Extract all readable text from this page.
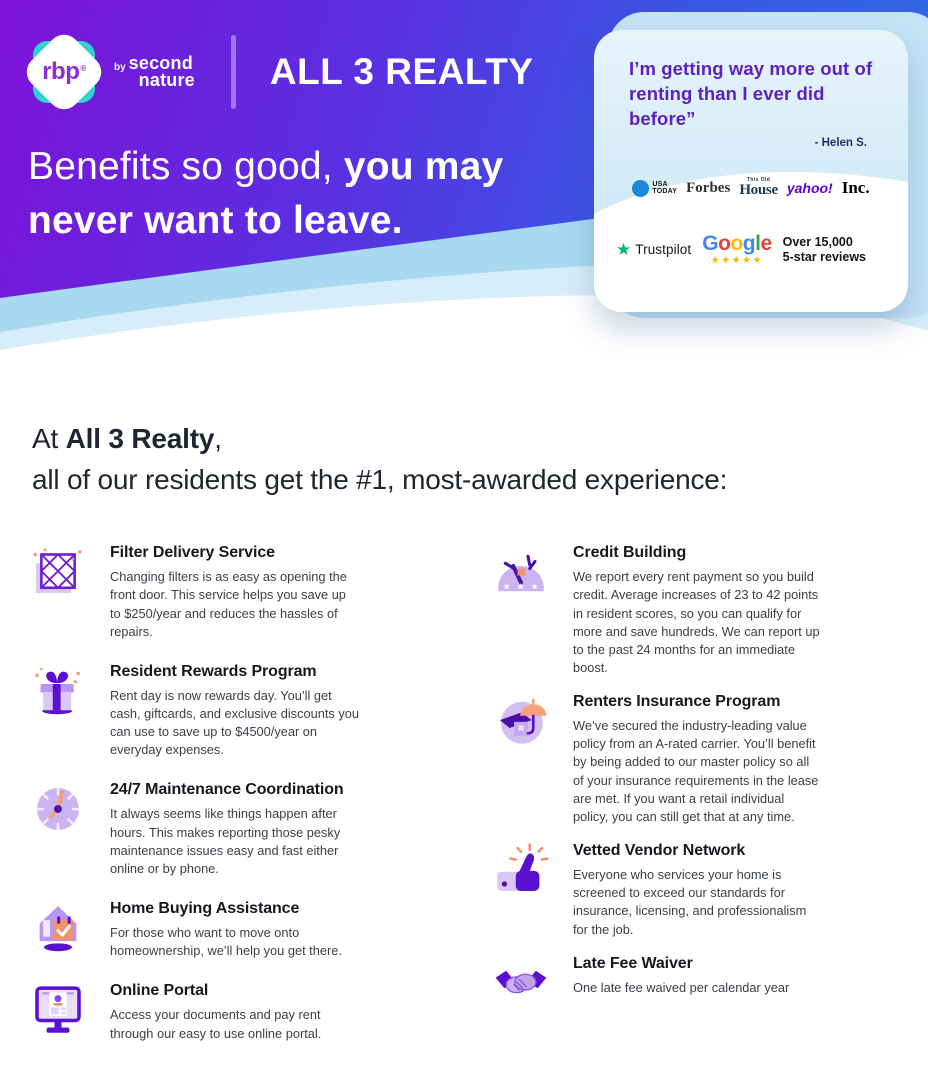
rbp ®	by second
nature ALL 3 REALTY
Benefits so good, you may
never want to leave.
I’m getting way more out of
renting than I ever did before”
- Helen S.
USA
TODAY Forbes	This Old
House yahoo! Inc.
★ Trustpilot Google
★★★★★
Over 15,000
5-star reviews
At All 3 Realty,
all of our residents get the #1, most-awarded experience:
Filter Delivery Service
Changing filters is as easy as opening the front door. This service helps you save up to $250/year and reduces the hassles of repairs.
Resident Rewards Program
Rent day is now rewards day. You’ll get cash, giftcards, and exclusive discounts you can use to save up to $4500/year on everyday expenses.
24/7 Maintenance Coordination
It always seems like things happen after hours. This makes reporting those pesky maintenance issues easy and fast either online or by phone.
Home Buying Assistance
For those who want to move onto homeownership, we’ll help you get there.
Online Portal
Access your documents and pay rent through our easy to use online portal.
★ ★ ★
Credit Building
We report every rent payment so you build credit. Average increases of 23 to 42 points in resident scores, so you can qualify for more and save hundreds. We can report up to the past 24 months for an immediate boost.
Renters Insurance Program
We’ve secured the industry-leading value policy from an A-rated carrier. You’ll benefit by being added to our master policy so all of your insurance requirements in the lease are met. If you want a retail individual policy, you can still get that at any time.
Vetted Vendor Network
Everyone who services your home is screened to exceed our standards for insurance, licensing, and professionalism for the job.
Late Fee Waiver
One late fee waived per calendar year
